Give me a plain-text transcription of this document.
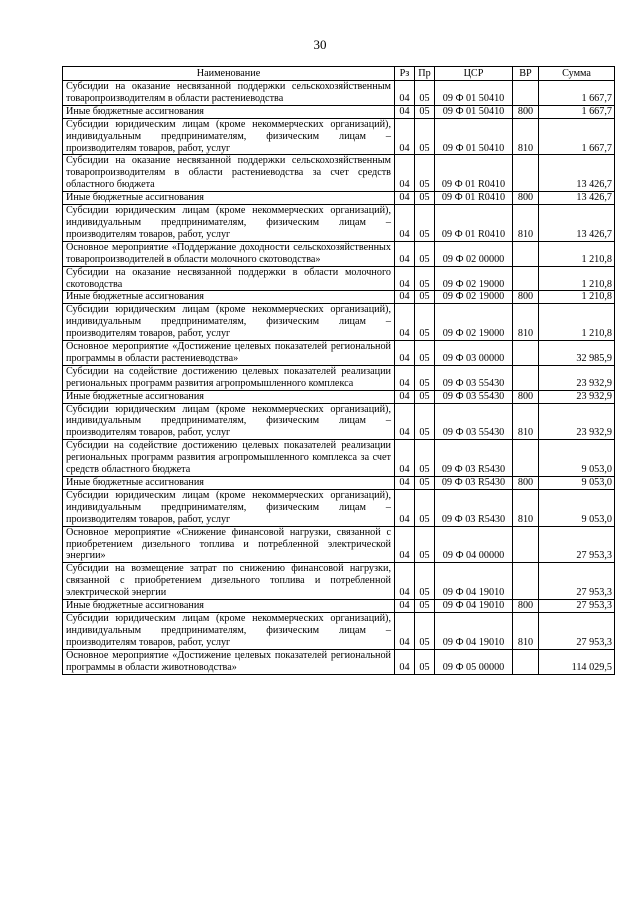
30
Наименование	Рз	Пр	ЦСР	ВР	Сумма
Субсидии на оказание несвязанной поддержки сельскохозяйственным товаропроизводителям в области растениеводства	04	05	09 Ф 01 50410		1 667,7
Иные бюджетные ассигнования	04	05	09 Ф 01 50410	800	1 667,7
Субсидии юридическим лицам (кроме некоммерческих организаций), индивидуальным предпринимателям, физическим лицам – производителям товаров, работ, услуг	04	05	09 Ф 01 50410	810	1 667,7
Субсидии на оказание несвязанной поддержки сельскохозяйственным товаропроизводителям в области растениеводства за счет средств областного бюджета	04	05	09 Ф 01 R0410		13 426,7
Иные бюджетные ассигнования	04	05	09 Ф 01 R0410	800	13 426,7
Субсидии юридическим лицам (кроме некоммерческих организаций), индивидуальным предпринимателям, физическим лицам – производителям товаров, работ, услуг	04	05	09 Ф 01 R0410	810	13 426,7
Основное мероприятие «Поддержание доходности сельскохозяйственных товаропроизводителей в области молочного скотоводства»	04	05	09 Ф 02 00000		1 210,8
Субсидии на оказание несвязанной поддержки в области молочного скотоводства	04	05	09 Ф 02 19000		1 210,8
Иные бюджетные ассигнования	04	05	09 Ф 02 19000	800	1 210,8
Субсидии юридическим лицам (кроме некоммерческих организаций), индивидуальным предпринимателям, физическим лицам – производителям товаров, работ, услуг	04	05	09 Ф 02 19000	810	1 210,8
Основное мероприятие «Достижение целевых показателей региональной программы в области растениеводства»	04	05	09 Ф 03 00000		32 985,9
Субсидии на содействие достижению целевых показателей реализации региональных программ развития агропромышленного комплекса	04	05	09 Ф 03 55430		23 932,9
Иные бюджетные ассигнования	04	05	09 Ф 03 55430	800	23 932,9
Субсидии юридическим лицам (кроме некоммерческих организаций), индивидуальным предпринимателям, физическим лицам – производителям товаров, работ, услуг	04	05	09 Ф 03 55430	810	23 932,9
Субсидии на содействие достижению целевых показателей реализации региональных программ развития агропромышленного комплекса за счет средств областного бюджета	04	05	09 Ф 03 R5430		9 053,0
Иные бюджетные ассигнования	04	05	09 Ф 03 R5430	800	9 053,0
Субсидии юридическим лицам (кроме некоммерческих организаций), индивидуальным предпринимателям, физическим лицам – производителям товаров, работ, услуг	04	05	09 Ф 03 R5430	810	9 053,0
Основное мероприятие «Снижение финансовой нагрузки, связанной с приобретением дизельного топлива и потребленной электрической энергии»	04	05	09 Ф 04 00000		27 953,3
Субсидии на возмещение затрат по снижению финансовой нагрузки, связанной с приобретением дизельного топлива и потребленной электрической энергии	04	05	09 Ф 04 19010		27 953,3
Иные бюджетные ассигнования	04	05	09 Ф 04 19010	800	27 953,3
Субсидии юридическим лицам (кроме некоммерческих организаций), индивидуальным предпринимателям, физическим лицам – производителям товаров, работ, услуг	04	05	09 Ф 04 19010	810	27 953,3
Основное мероприятие «Достижение целевых показателей региональной программы в области животноводства»	04	05	09 Ф 05 00000		114 029,5
